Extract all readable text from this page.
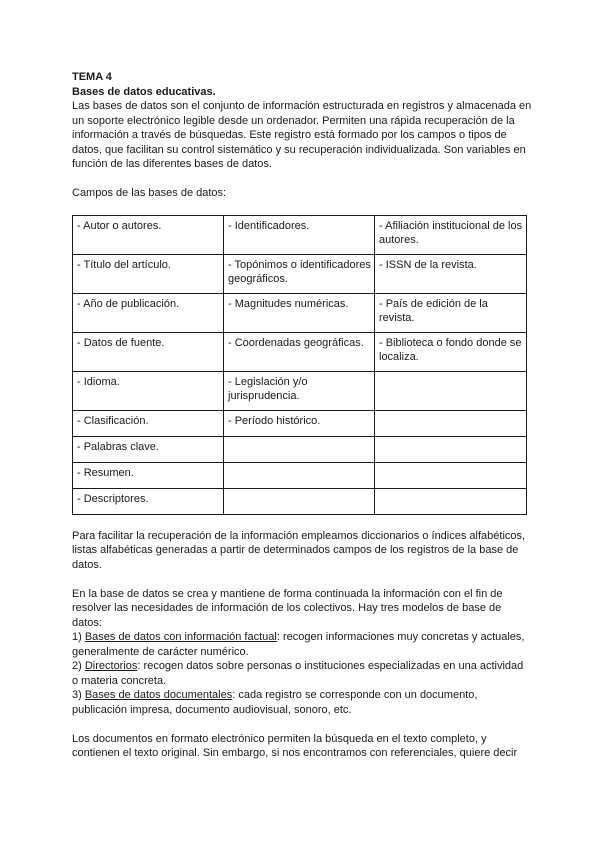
TEMA 4

Bases de datos educativas.

Las bases de datos son el conjunto de información estructurada en registros y almacenada en un soporte electrónico legible desde un ordenador. Permiten una rápida recuperación de la información a través de búsquedas. Este registro está formado por los campos o tipos de datos, que facilitan su control sistemático y su recuperación individualizada. Son variables en función de las diferentes bases de datos.

Campos de las bases de datos:

- Autor o autores.	- Identificadores.	- Afiliación institucional de los autores.
- Título del artículo.	- Topónimos o identificadores geográficos.	- ISSN de la revista.
- Año de publicación.	- Magnitudes numéricas.	- País de edición de la revista.
- Datos de fuente.	- Coordenadas geográficas.	- Biblioteca o fondo donde se localiza.
- Idioma.	- Legislación y/o jurisprudencia.	
- Clasificación.	- Período histórico.	
- Palabras clave.		
- Resumen.		
- Descriptores.		

Para facilitar la recuperación de la información empleamos diccionarios o índices alfabéticos, listas alfabéticas generadas a partir de determinados campos de los registros de la base de datos.

En la base de datos se crea y mantiene de forma continuada la información con el fin de resolver las necesidades de información de los colectivos. Hay tres modelos de base de datos:

1) Bases de datos con información factual: recogen informaciones muy concretas y actuales, generalmente de carácter numérico.

2) Directorios: recogen datos sobre personas o instituciones especializadas en una actividad o materia concreta.

3) Bases de datos documentales: cada registro se corresponde con un documento, publicación impresa, documento audiovisual, sonoro, etc.

Los documentos en formato electrónico permiten la búsqueda en el texto completo, y contienen el texto original. Sin embargo, si nos encontramos con referenciales, quiere decir
